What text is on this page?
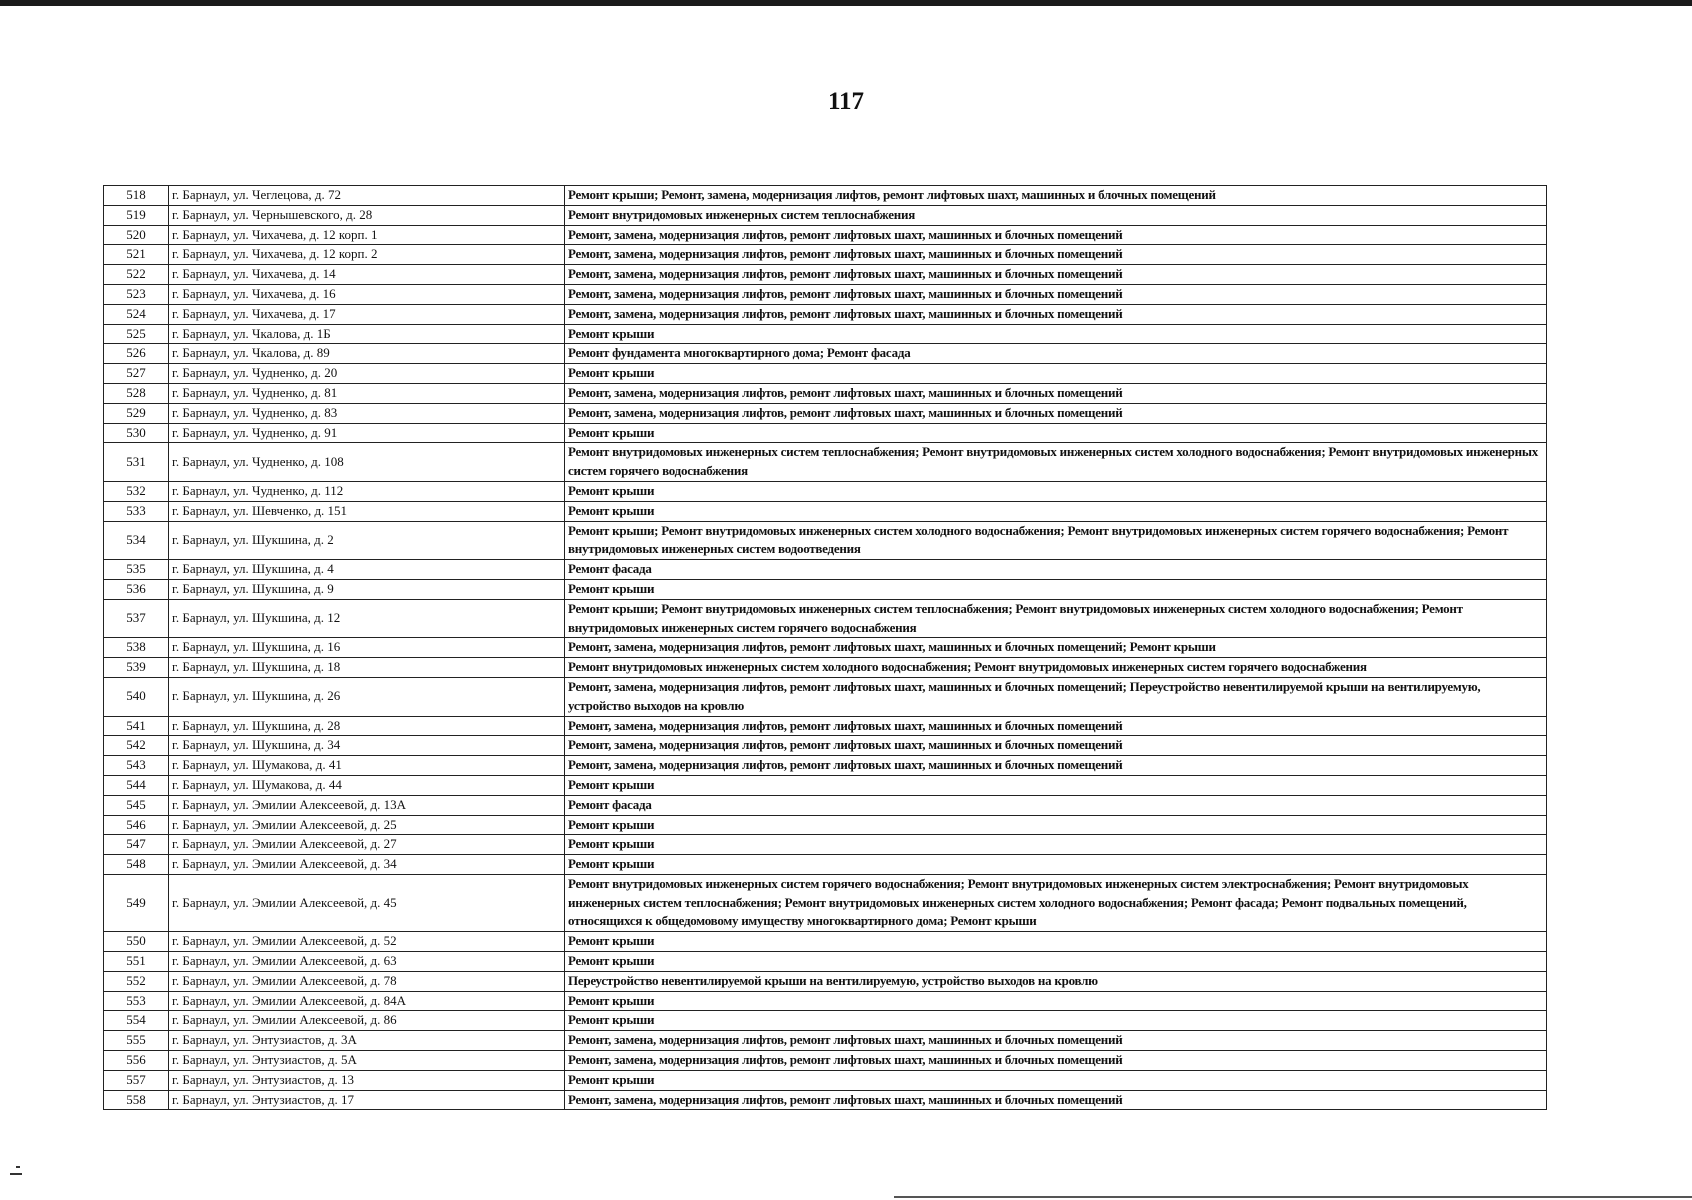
117
518	г. Барнаул, ул. Чеглецова, д. 72	Ремонт крыши; Ремонт, замена, модернизация лифтов, ремонт лифтовых шахт, машинных и блочных помещений
519	г. Барнаул, ул. Чернышевского, д. 28	Ремонт внутридомовых инженерных систем теплоснабжения
520	г. Барнаул, ул. Чихачева, д. 12 корп. 1	Ремонт, замена, модернизация лифтов, ремонт лифтовых шахт, машинных и блочных помещений
521	г. Барнаул, ул. Чихачева, д. 12 корп. 2	Ремонт, замена, модернизация лифтов, ремонт лифтовых шахт, машинных и блочных помещений
522	г. Барнаул, ул. Чихачева, д. 14	Ремонт, замена, модернизация лифтов, ремонт лифтовых шахт, машинных и блочных помещений
523	г. Барнаул, ул. Чихачева, д. 16	Ремонт, замена, модернизация лифтов, ремонт лифтовых шахт, машинных и блочных помещений
524	г. Барнаул, ул. Чихачева, д. 17	Ремонт, замена, модернизация лифтов, ремонт лифтовых шахт, машинных и блочных помещений
525	г. Барнаул, ул. Чкалова, д. 1Б	Ремонт крыши
526	г. Барнаул, ул. Чкалова, д. 89	Ремонт фундамента многоквартирного дома; Ремонт фасада
527	г. Барнаул, ул. Чудненко, д. 20	Ремонт крыши
528	г. Барнаул, ул. Чудненко, д. 81	Ремонт, замена, модернизация лифтов, ремонт лифтовых шахт, машинных и блочных помещений
529	г. Барнаул, ул. Чудненко, д. 83	Ремонт, замена, модернизация лифтов, ремонт лифтовых шахт, машинных и блочных помещений
530	г. Барнаул, ул. Чудненко, д. 91	Ремонт крыши
531	г. Барнаул, ул. Чудненко, д. 108	Ремонт внутридомовых инженерных систем теплоснабжения; Ремонт внутридомовых инженерных систем холодного водоснабжения; Ремонт внутридомовых инженерных систем горячего водоснабжения
532	г. Барнаул, ул. Чудненко, д. 112	Ремонт крыши
533	г. Барнаул, ул. Шевченко, д. 151	Ремонт крыши
534	г. Барнаул, ул. Шукшина, д. 2	Ремонт крыши; Ремонт внутридомовых инженерных систем холодного водоснабжения; Ремонт внутридомовых инженерных систем горячего водоснабжения; Ремонт внутридомовых инженерных систем водоотведения
535	г. Барнаул, ул. Шукшина, д. 4	Ремонт фасада
536	г. Барнаул, ул. Шукшина, д. 9	Ремонт крыши
537	г. Барнаул, ул. Шукшина, д. 12	Ремонт крыши; Ремонт внутридомовых инженерных систем теплоснабжения; Ремонт внутридомовых инженерных систем холодного водоснабжения; Ремонт внутридомовых инженерных систем горячего водоснабжения
538	г. Барнаул, ул. Шукшина, д. 16	Ремонт, замена, модернизация лифтов, ремонт лифтовых шахт, машинных и блочных помещений; Ремонт крыши
539	г. Барнаул, ул. Шукшина, д. 18	Ремонт внутридомовых инженерных систем холодного водоснабжения; Ремонт внутридомовых инженерных систем горячего водоснабжения
540	г. Барнаул, ул. Шукшина, д. 26	Ремонт, замена, модернизация лифтов, ремонт лифтовых шахт, машинных и блочных помещений; Переустройство невентилируемой крыши на вентилируемую, устройство выходов на кровлю
541	г. Барнаул, ул. Шукшина, д. 28	Ремонт, замена, модернизация лифтов, ремонт лифтовых шахт, машинных и блочных помещений
542	г. Барнаул, ул. Шукшина, д. 34	Ремонт, замена, модернизация лифтов, ремонт лифтовых шахт, машинных и блочных помещений
543	г. Барнаул, ул. Шумакова, д. 41	Ремонт, замена, модернизация лифтов, ремонт лифтовых шахт, машинных и блочных помещений
544	г. Барнаул, ул. Шумакова, д. 44	Ремонт крыши
545	г. Барнаул, ул. Эмилии Алексеевой, д. 13А	Ремонт фасада
546	г. Барнаул, ул. Эмилии Алексеевой, д. 25	Ремонт крыши
547	г. Барнаул, ул. Эмилии Алексеевой, д. 27	Ремонт крыши
548	г. Барнаул, ул. Эмилии Алексеевой, д. 34	Ремонт крыши
549	г. Барнаул, ул. Эмилии Алексеевой, д. 45	Ремонт внутридомовых инженерных систем горячего водоснабжения; Ремонт внутридомовых инженерных систем электроснабжения; Ремонт внутридомовых инженерных систем теплоснабжения; Ремонт внутридомовых инженерных систем холодного водоснабжения; Ремонт фасада; Ремонт подвальных помещений, относящихся к общедомовому имуществу многоквартирного дома; Ремонт крыши
550	г. Барнаул, ул. Эмилии Алексеевой, д. 52	Ремонт крыши
551	г. Барнаул, ул. Эмилии Алексеевой, д. 63	Ремонт крыши
552	г. Барнаул, ул. Эмилии Алексеевой, д. 78	Переустройство невентилируемой крыши на вентилируемую, устройство выходов на кровлю
553	г. Барнаул, ул. Эмилии Алексеевой, д. 84А	Ремонт крыши
554	г. Барнаул, ул. Эмилии Алексеевой, д. 86	Ремонт крыши
555	г. Барнаул, ул. Энтузиастов, д. 3А	Ремонт, замена, модернизация лифтов, ремонт лифтовых шахт, машинных и блочных помещений
556	г. Барнаул, ул. Энтузиастов, д. 5А	Ремонт, замена, модернизация лифтов, ремонт лифтовых шахт, машинных и блочных помещений
557	г. Барнаул, ул. Энтузиастов, д. 13	Ремонт крыши
558	г. Барнаул, ул. Энтузиастов, д. 17	Ремонт, замена, модернизация лифтов, ремонт лифтовых шахт, машинных и блочных помещений
